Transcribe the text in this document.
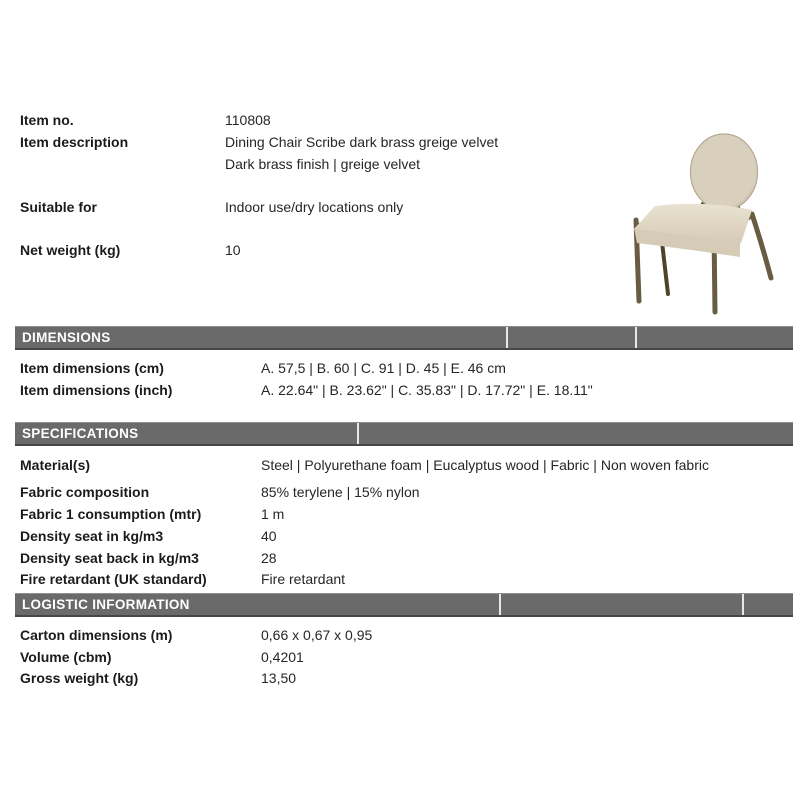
Item no.	110808
Item description	Dining Chair Scribe dark brass greige velvet
Dark brass finish | greige velvet
Suitable for	Indoor use/dry locations only
Net weight (kg)	10
DIMENSIONS
Item dimensions (cm)	A. 57,5 | B. 60 | C. 91 | D. 45 | E. 46 cm
Item dimensions (inch)	A. 22.64" | B. 23.62" | C. 35.83" | D. 17.72" | E. 18.11"
SPECIFICATIONS
Material(s)	Steel | Polyurethane foam | Eucalyptus wood | Fabric | Non woven fabric
Fabric composition	85% terylene | 15% nylon
Fabric 1 consumption (mtr)	1 m
Density seat in kg/m3	40
Density seat back in kg/m3	28
Fire retardant (UK standard)	Fire retardant
LOGISTIC INFORMATION
Carton dimensions (m)	0,66 x 0,67 x 0,95
Volume (cbm)	0,4201
Gross weight (kg)	13,50
